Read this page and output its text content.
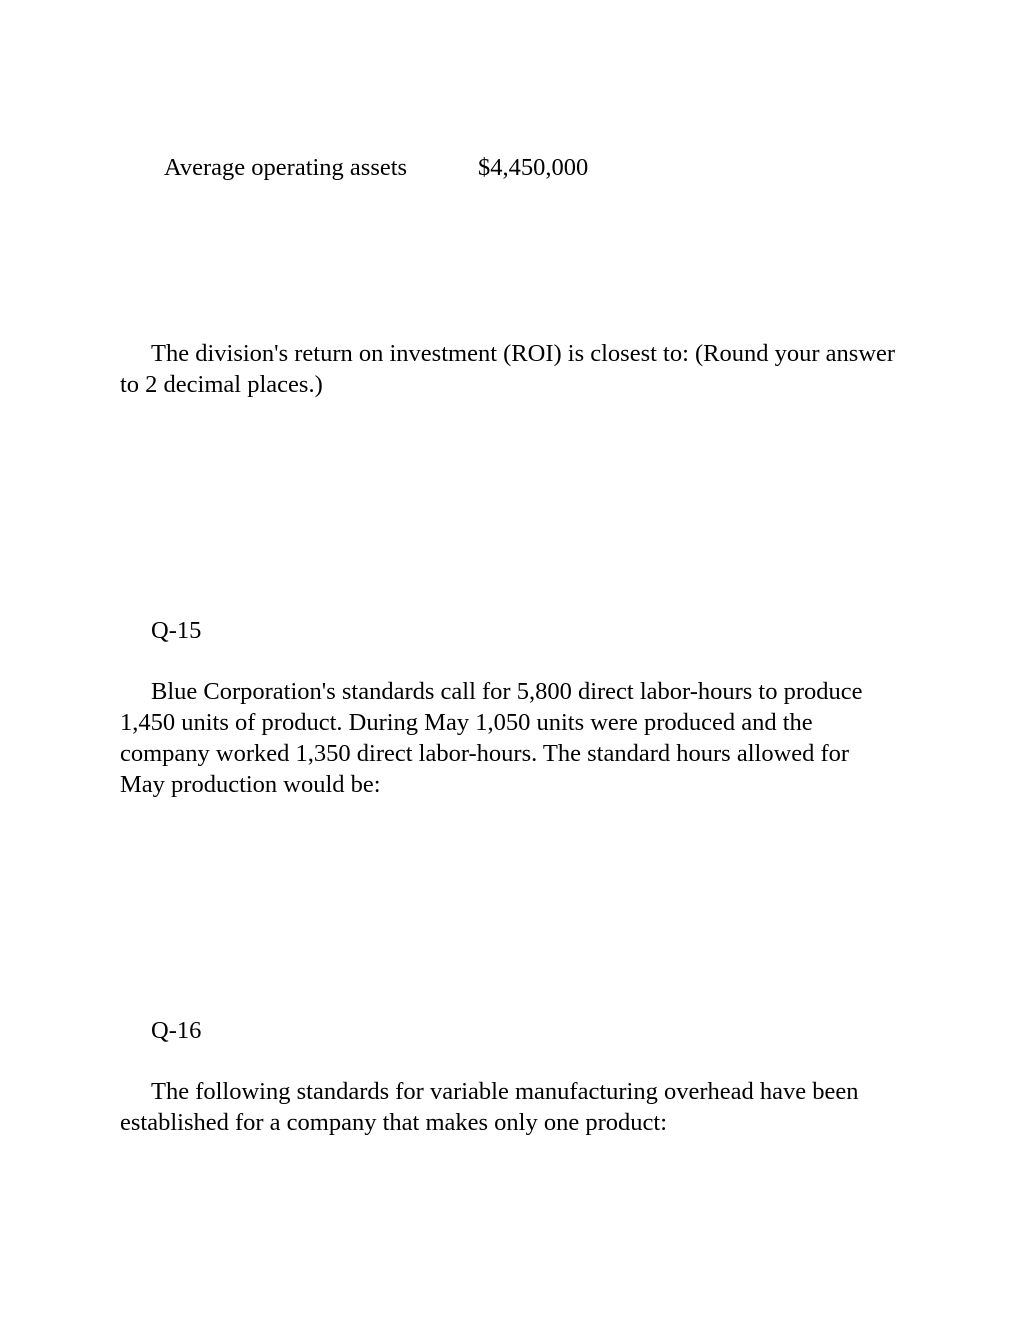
Average operating assets	$4,450,000

The division's return on investment (ROI) is closest to: (Round your answer to 2 decimal places.)

Q-15

Blue Corporation's standards call for 5,800 direct labor-hours to produce 1,450 units of product. During May 1,050 units were produced and the company worked 1,350 direct labor-hours. The standard hours allowed for May production would be:

Q-16

The following standards for variable manufacturing overhead have been established for a company that makes only one product:
